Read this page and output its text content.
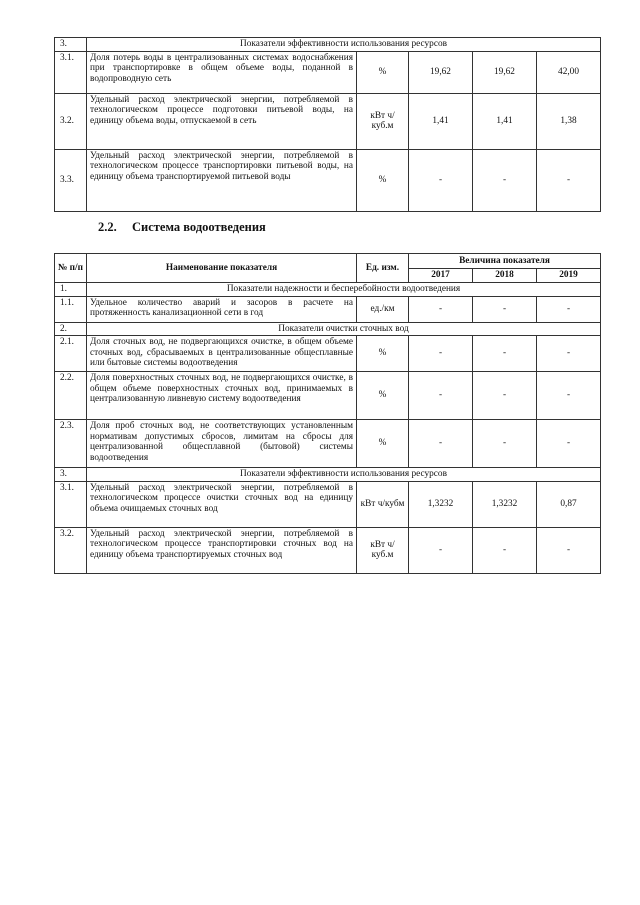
3.	Показатели эффективности использования ресурсов				
3.1.	Доля потерь воды в централизованных системах водоснабжения при транспортировке в общем объеме воды, поданной в водопроводную сеть	%	19,62	19,62	42,00
3.2.	Удельный расход электрической энергии, потребляемой в технологическом процессе подготовки питьевой воды, на единицу объема воды, отпускаемой в сеть	кВт ч/куб.м	1,41	1,41	1,38
3.3.	Удельный расход электрической энергии, потребляемой в технологическом процессе транспортировки питьевой воды, на единицу объема транспортируемой питьевой воды	%	-	-	-
2.2. Система водоотведения
№ п/п	Наименование показателя	Ед. изм.	Величина показателя		
			2017	2018	2019
1.	Показатели надежности и бесперебойности водоотведения				
1.1.	Удельное количество аварий и засоров в расчете на протяженность канализационной сети в год	ед./км	-	-	-
2.	Показатели очистки сточных вод				
2.1.	Доля сточных вод, не подвергающихся очистке, в общем объеме сточных вод, сбрасываемых в централизованные общесплавные или бытовые системы водоотведения	%	-	-	-
2.2.	Доля поверхностных сточных вод, не подвергающихся очистке, в общем объеме поверхностных сточных вод, принимаемых в централизованную ливневую систему водоотведения	%	-	-	-
2.3.	Доля проб сточных вод, не соответствующих установленным нормативам допустимых сбросов, лимитам на сбросы для централизованной общесплавной (бытовой) системы водоотведения	%	-	-	-
3.	Показатели эффективности использования ресурсов				
3.1.	Удельный расход электрической энергии, потребляемой в технологическом процессе очистки сточных вод на единицу объема очищаемых сточных вод	кВт ч/кубм	1,3232	1,3232	0,87
3.2.	Удельный расход электрической энергии, потребляемой в технологическом процессе транспортировки сточных вод на единицу объема транспортируемых сточных вод	кВт ч/куб.м	-	-	-
